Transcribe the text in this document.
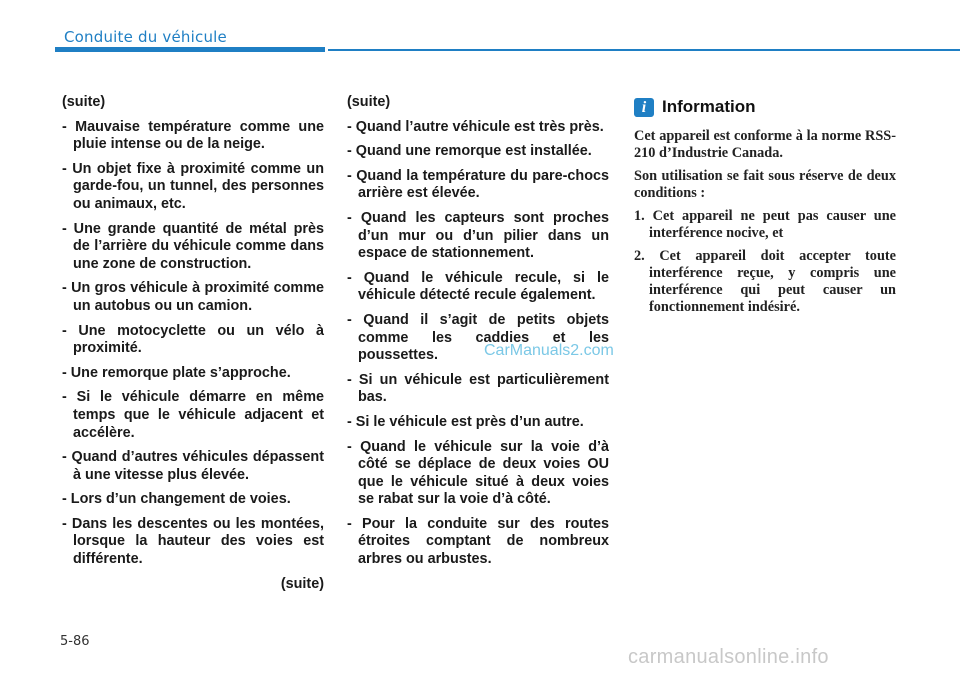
Conduite du véhicule
(suite)
- Mauvaise température comme une pluie intense ou de la neige.
- Un objet fixe à proximité comme un garde-fou, un tunnel, des personnes ou animaux, etc.
- Une grande quantité de métal près de l’arrière du véhicule comme dans une zone de construction.
- Un gros véhicule à proximité comme un autobus ou un camion.
- Une motocyclette ou un vélo à proximité.
- Une remorque plate s’approche.
- Si le véhicule démarre en même temps que le véhicule adjacent et accélère.
- Quand d’autres véhicules dépassent à une vitesse plus élevée.
- Lors d’un changement de voies.
- Dans les descentes ou les montées, lorsque la hauteur des voies est différente.
(suite)
(suite)
- Quand l’autre véhicule est très près.
- Quand une remorque est installée.
- Quand la température du pare-chocs arrière est élevée.
- Quand les capteurs sont proches d’un mur ou d’un pilier dans un espace de stationnement.
- Quand le véhicule recule, si le véhicule détecté recule également.
- Quand il s’agit de petits objets comme les caddies et les poussettes.
- Si un véhicule est particulièrement bas.
- Si le véhicule est près d’un autre.
- Quand le véhicule sur la voie d’à côté se déplace de deux voies OU que le véhicule situé à deux voies se rabat sur la voie d’à côté.
- Pour la conduite sur des routes étroites comptant de nombreux arbres ou arbustes.
i Information
Cet appareil est conforme à la norme RSS-210 d’Industrie Canada.
Son utilisation se fait sous réserve de deux conditions :
1. Cet appareil ne peut pas causer une interférence nocive, et
2. Cet appareil doit accepter toute interférence reçue, y compris une interférence qui peut causer un fonctionnement indésiré.
CarManuals2.com
5-86
carmanualsonline.info
